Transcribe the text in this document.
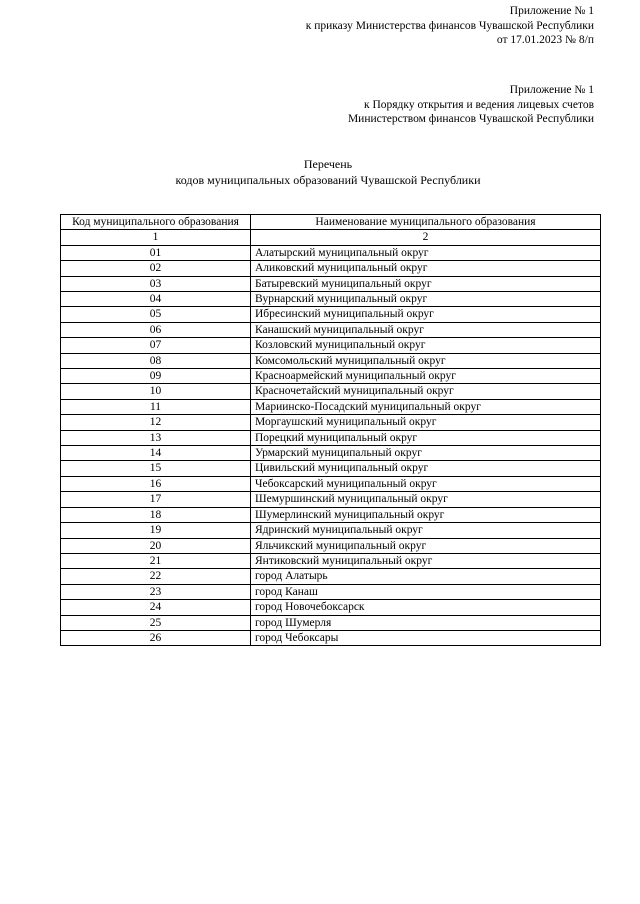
Приложение № 1
к приказу Министерства финансов Чувашской Республики
от 17.01.2023 № 8/п
Приложение № 1
к Порядку открытия и ведения лицевых счетов
Министерством финансов Чувашской Республики
Перечень
кодов муниципальных образований Чувашской Республики
Код муниципального образования	Наименование муниципального образования
1	2
01	Алатырский муниципальный округ
02	Аликовский муниципальный округ
03	Батыревский муниципальный округ
04	Вурнарский муниципальный округ
05	Ибресинский муниципальный округ
06	Канашский муниципальный округ
07	Козловский муниципальный округ
08	Комсомольский муниципальный округ
09	Красноармейский муниципальный округ
10	Красночетайский муниципальный округ
11	Мариинско-Посадский муниципальный округ
12	Моргаушский муниципальный округ
13	Порецкий муниципальный округ
14	Урмарский муниципальный округ
15	Цивильский муниципальный округ
16	Чебоксарский муниципальный округ
17	Шемуршинский муниципальный округ
18	Шумерлинский муниципальный округ
19	Ядринский муниципальный округ
20	Яльчикский муниципальный округ
21	Янтиковский муниципальный округ
22	город Алатырь
23	город Канаш
24	город Новочебоксарск
25	город Шумерля
26	город Чебоксары
